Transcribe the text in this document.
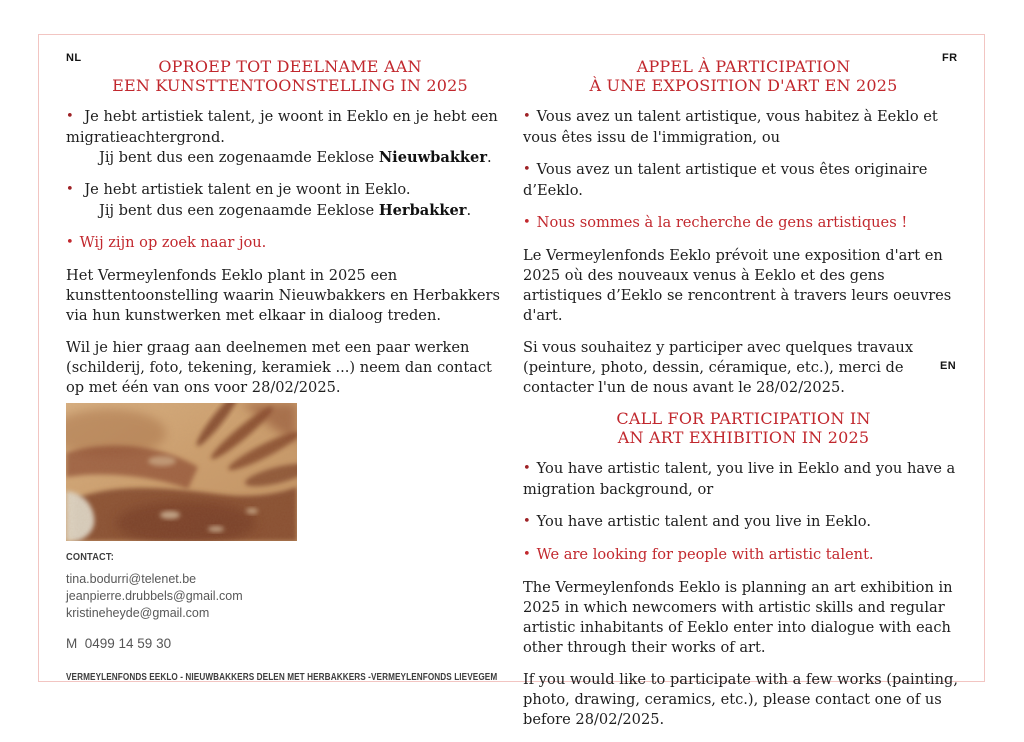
NL	FR
EN
OPROEP TOT DEELNAME AAN
EEN KUNSTTENTOONSTELLING IN 2025

• Je hebt artistiek talent, je woont in Eeklo en je hebt een migratieachtergrond.
Jij bent dus een zogenaamde Eeklose Nieuwbakker.

• Je hebt artistiek talent en je woont in Eeklo.
Jij bent dus een zogenaamde Eeklose Herbakker.

• Wij zijn op zoek naar jou.

Het Vermeylenfonds Eeklo plant in 2025 een kunsttentoonstelling waarin Nieuwbakkers en Herbakkers via hun kunstwerken met elkaar in dialoog treden.

Wil je hier graag aan deelnemen met een paar werken (schilderij, foto, tekening, keramiek ...) neem dan contact op met één van ons voor 28/02/2025.

APPEL À PARTICIPATION
À UNE EXPOSITION D'ART EN 2025

• Vous avez un talent artistique, vous habitez à Eeklo et vous êtes issu de l'immigration, ou

• Vous avez un talent artistique et vous êtes originaire d’Eeklo.

• Nous sommes à la recherche de gens artistiques !

Le Vermeylenfonds Eeklo prévoit une exposition d'art en 2025 où des nouveaux venus à Eeklo et des gens artistiques d’Eeklo se rencontrent à travers leurs oeuvres d'art.

Si vous souhaitez y participer avec quelques travaux (peinture, photo, dessin, céramique, etc.), merci de contacter l'un de nous avant le 28/02/2025.

CALL FOR PARTICIPATION IN
AN ART EXHIBITION IN 2025

• You have artistic talent, you live in Eeklo and you have a migration background, or

• You have artistic talent and you live in Eeklo.

• We are looking for people with artistic talent.

The Vermeylenfonds Eeklo is planning an art exhibition in 2025 in which newcomers with artistic skills and regular artistic inhabitants of Eeklo enter into dialogue with each other through their works of art.

If you would like to participate with a few works (painting, photo, drawing, ceramics, etc.), please contact one of us before 28/02/2025.

CONTACT:
tina.bodurri@telenet.be
jeanpierre.drubbels@gmail.com
kristineheyde@gmail.com
M  0499 14 59 30
VERMEYLENFONDS EEKLO - NIEUWBAKKERS DELEN MET HERBAKKERS -VERMEYLENFONDS LIEVEGEM
